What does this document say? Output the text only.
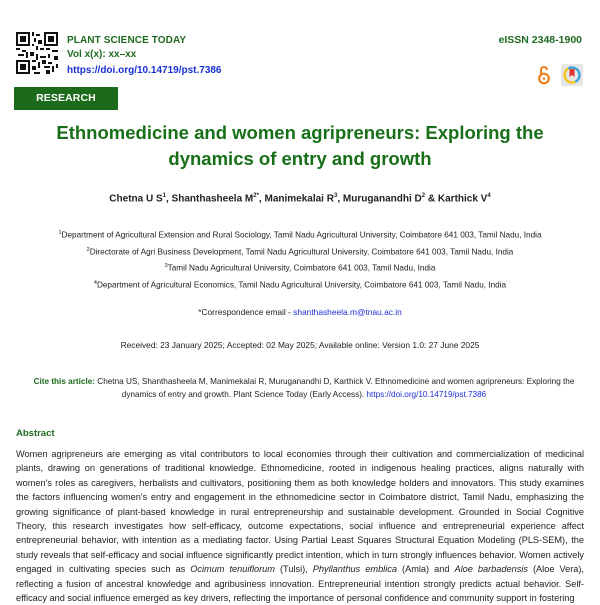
PLANT SCIENCE TODAY
Vol x(x): xx–xx
https://doi.org/10.14719/pst.7386
eISSN 2348-1900
RESEARCH ARTICLE
Ethnomedicine and women agripreneurs: Exploring the
dynamics of entry and growth
Chetna U $S^1$, Shanthasheela $M^{2*}$, Manimekalai $R^3$, Muruganandhi $D^2$ & Karthick $V^4$
$^1$Department of Agricultural Extension and Rural Sociology, Tamil Nadu Agricultural University, Coimbatore 641 003, Tamil Nadu, India
$^2$Directorate of Agri Business Development, Tamil Nadu Agricultural University, Coimbatore 641 003, Tamil Nadu, India
$^3$Tamil Nadu Agricultural University, Coimbatore 641 003, Tamil Nadu, India
$^4$Department of Agricultural Economics, Tamil Nadu Agricultural University, Coimbatore 641 003, Tamil Nadu, India
*Correspondence email - shanthasheela.m@tnau.ac.in
Received: 23 January 2025; Accepted: 02 May 2025; Available online: Version 1.0: 27 June 2025
Cite this article: Chetna US, Shanthasheela M, Manimekalai R, Muruganandhi D, Karthick V. Ethnomedicine and women agripreneurs: Exploring the dynamics of entry and growth. Plant Science Today (Early Access). https://doi.org/10.14719/pst.7386
Abstract
Women agripreneurs are emerging as vital contributors to local economies through their cultivation and commercialization of medicinal plants, drawing on generations of traditional knowledge. Ethnomedicine, rooted in indigenous healing practices, aligns naturally with women's roles as caregivers, herbalists and cultivators, positioning them as both knowledge holders and innovators. This study examines the factors influencing women's entry and engagement in the ethnomedicine sector in Coimbatore district, Tamil Nadu, emphasizing the growing significance of plant-based knowledge in rural entrepreneurship and sustainable development. Grounded in Social Cognitive Theory, this research investigates how self-efficacy, outcome expectations, social influence and entrepreneurial experience affect entrepreneurial behavior, with intention as a mediating factor. Using Partial Least Squares Structural Equation Modeling (PLS-SEM), the study reveals that self-efficacy and social influence significantly predict intention, which in turn strongly influences behavior. Women actively engaged in cultivating species such as Ocimum tenuiflorum (Tulsi), Phyllanthus emblica (Amla) and Aloe barbadensis (Aloe Vera), reflecting a fusion of ancestral knowledge and agribusiness innovation. Entrepreneurial intention strongly predicts actual behavior. Self-efficacy and social influence emerged as key drivers, reflecting the importance of personal confidence and community support in fostering
